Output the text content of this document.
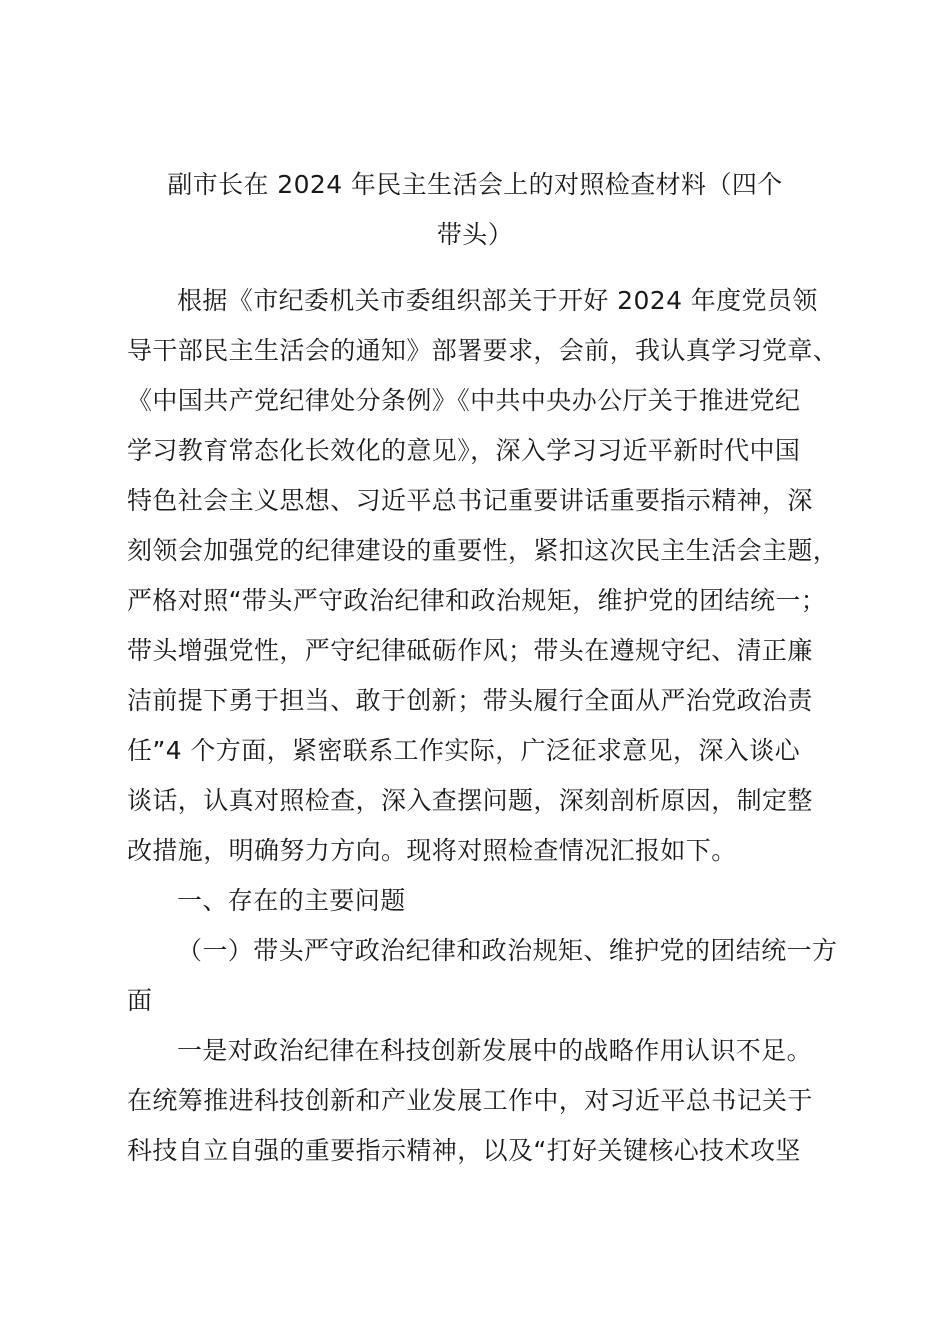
副市长在 2024 年民主生活会上的对照检查材料（四个
带头）
根据《市纪委机关市委组织部关于开好 2024 年度党员领
导干部民主生活会的通知》部署要求，会前，我认真学习党章、
《中国共产党纪律处分条例》《中共中央办公厅关于推进党纪
学习教育常态化长效化的意见》，深入学习习近平新时代中国
特色社会主义思想、习近平总书记重要讲话重要指示精神，深
刻领会加强党的纪律建设的重要性，紧扣这次民主生活会主题，
严格对照“带头严守政治纪律和政治规矩，维护党的团结统一；
带头增强党性，严守纪律砥砺作风；带头在遵规守纪、清正廉
洁前提下勇于担当、敢于创新；带头履行全面从严治党政治责
任”4 个方面，紧密联系工作实际，广泛征求意见，深入谈心
谈话，认真对照检查，深入查摆问题，深刻剖析原因，制定整
改措施，明确努力方向。现将对照检查情况汇报如下。
一、存在的主要问题
（一）带头严守政治纪律和政治规矩、维护党的团结统一方
面
一是对政治纪律在科技创新发展中的战略作用认识不足。
在统筹推进科技创新和产业发展工作中，对习近平总书记关于
科技自立自强的重要指示精神，以及“打好关键核心技术攻坚
